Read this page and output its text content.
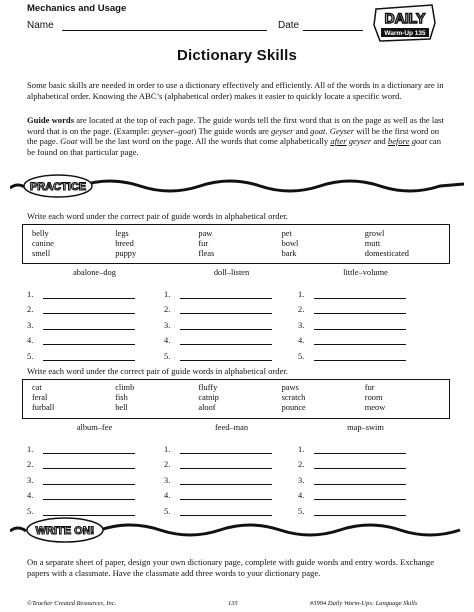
Mechanics and Usage
Name	Date	DAILY
Warm-Up 135
Dictionary Skills

Some basic skills are needed in order to use a dictionary effectively and efficiently. All of the words in a dictionary are in alphabetical order. Knowing the ABC’s (alphabetical order) makes it easier to quickly locate a specific word.

Guide words are located at the top of each page. The guide words tell the first word that is on the page as well as the last word that is on the page. (Example: geyser–goat) The guide words are geyser and goat. Geyser will be the first word on the page. Goat will be the last word on the page. All the words that come alphabetically after geyser and before goat can be found on that particular page.

PRACTICE
Write each word under the correct pair of guide words in alphabetical order.
belly	legs	paw	pet	growl
canine	breed	fur	bowl	mutt
smell	puppy	fleas	bark	domesticated
abalone–dog
1.
2.
3.
4.
5.
doll–listen
1.
2.
3.
4.
5.
little–volume
1.
2.
3.
4.
5.
Write each word under the correct pair of guide words in alphabetical order.
cat	climb	fluffy	paws	fur
feral	fish	catnip	scratch	room
furball	bell	aloof	pounce	meow
album–fee
1.
2.
3.
4.
5.
feed–man
1.
2.
3.
4.
5.
map–swim
1.
2.
3.
4.
5.
WRITE ON!

On a separate sheet of paper, design your own dictionary page, complete with guide words and entry words. Exchange papers with a classmate. Have the classmate add three words to your dictionary page.

©Teacher Created Resources, Inc.	135	#3994 Daily Warm-Ups: Language Skills
